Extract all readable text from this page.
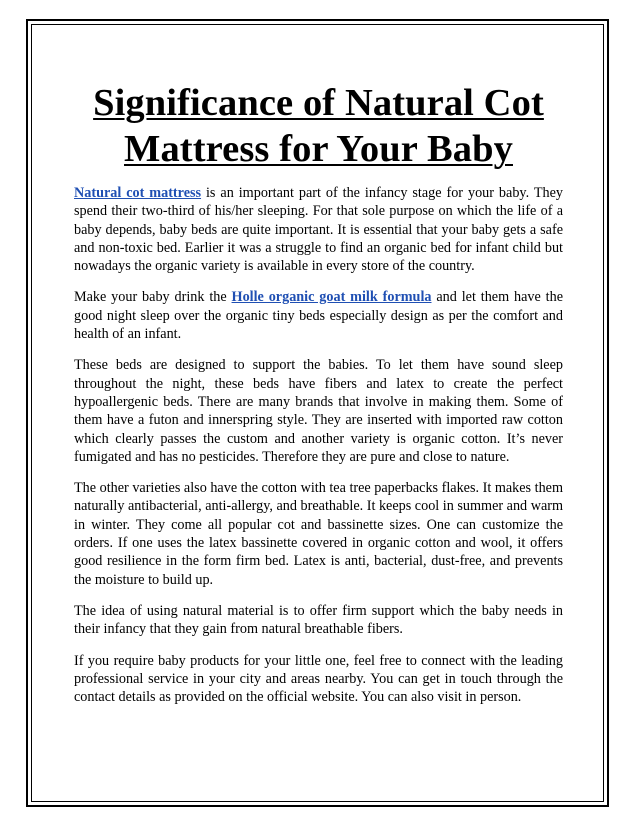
Significance of Natural Cot
Mattress for Your Baby

Natural cot mattress is an important part of the infancy stage for your baby. They spend their two-third of his/her sleeping. For that sole purpose on which the life of a baby depends, baby beds are quite important. It is essential that your baby gets a safe and non-toxic bed. Earlier it was a struggle to find an organic bed for infant child but nowadays the organic variety is available in every store of the country.

Make your baby drink the Holle organic goat milk formula and let them have the good night sleep over the organic tiny beds especially design as per the comfort and health of an infant.

These beds are designed to support the babies. To let them have sound sleep throughout the night, these beds have fibers and latex to create the perfect hypoallergenic beds. There are many brands that involve in making them. Some of them have a futon and innerspring style. They are inserted with imported raw cotton which clearly passes the custom and another variety is organic cotton. It’s never fumigated and has no pesticides. Therefore they are pure and close to nature.

The other varieties also have the cotton with tea tree paperbacks flakes. It makes them naturally antibacterial, anti-allergy, and breathable. It keeps cool in summer and warm in winter. They come all popular cot and bassinette sizes. One can customize the orders. If one uses the latex bassinette covered in organic cotton and wool, it offers good resilience in the form firm bed. Latex is anti, bacterial, dust-free, and prevents the moisture to build up.

The idea of using natural material is to offer firm support which the baby needs in their infancy that they gain from natural breathable fibers.

If you require baby products for your little one, feel free to connect with the leading professional service in your city and areas nearby. You can get in touch through the contact details as provided on the official website. You can also visit in person.
